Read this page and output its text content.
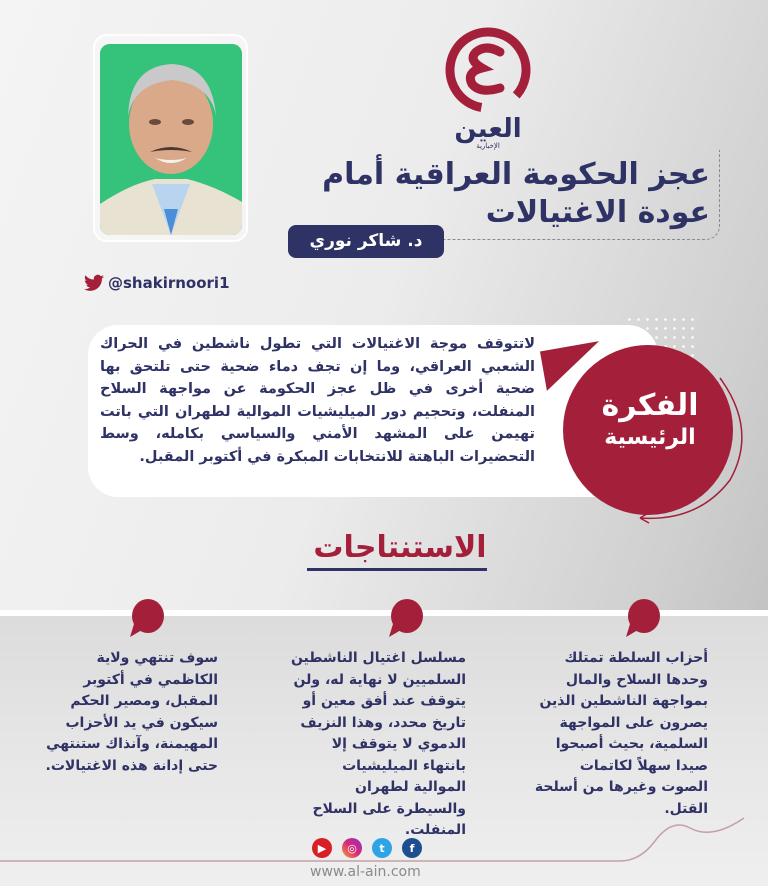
@shakirnoori1
العين
الإخبارية
عجز الحكومة العراقية أمام
عودة الاغتيالات
د. شاكر نوري
لاتتوقف موجة الاغتيالات التي تطول ناشطين في الحراك الشعبي العراقي، وما إن تجف دماء ضحية حتى تلتحق بها ضحية أخرى في ظل عجز الحكومة عن مواجهة السلاح المنفلت، وتحجيم دور الميليشيات الموالية لطهران التي باتت تهيمن على المشهد الأمني والسياسي بكامله، وسط التحضيرات الباهتة للانتخابات المبكرة في أكتوبر المقبل.
الفكرة
الرئيسية
الاستنتاجات
أحزاب السلطة تمتلك وحدها السلاح والمال بمواجهة الناشطين الذين يصرون على المواجهة السلمية، بحيث أصبحوا صيدا سهلاً لكاتمات الصوت وغيرها من أسلحة القتل.
مسلسل اغتيال الناشطين السلميين لا نهاية له، ولن يتوقف عند أفق معين أو تاريخ محدد، وهذا النزيف الدموي لا يتوقف إلا بانتهاء الميليشيات الموالية لطهران والسيطرة على السلاح المنفلت.
سوف تنتهي ولاية الكاظمي في أكتوبر المقبل، ومصير الحكم سيكون في يد الأحزاب المهيمنة، وآنذاك ستنتهي حتى إدانة هذه الاغتيالات.
▶	◎	t	f
www.al-ain.com
